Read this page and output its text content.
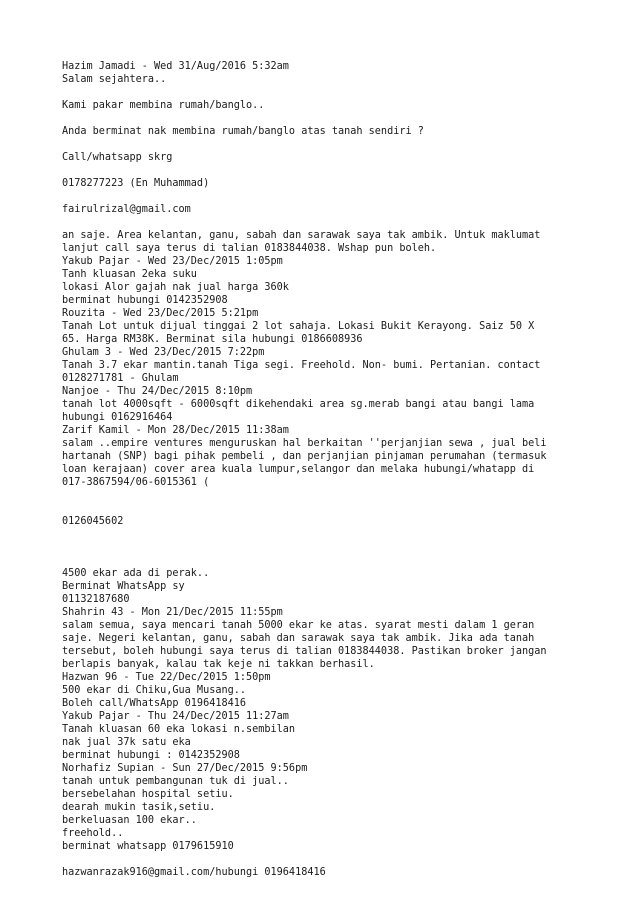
Hazim Jamadi - Wed 31/Aug/2016 5:32am
Salam sejahtera..
Kami pakar membina rumah/banglo..
Anda berminat nak membina rumah/banglo atas tanah sendiri ?
Call/whatsapp skrg
0178277223 (En Muhammad)
fairulrizal@gmail.com
an saje. Area kelantan, ganu, sabah dan sarawak saya tak ambik. Untuk maklumat
lanjut call saya terus di talian 0183844038. Wshap pun boleh.
Yakub Pajar - Wed 23/Dec/2015 1:05pm
Tanh kluasan 2eka suku
lokasi Alor gajah nak jual harga 360k
berminat hubungi 0142352908
Rouzita - Wed 23/Dec/2015 5:21pm
Tanah Lot untuk dijual tinggai 2 lot sahaja. Lokasi Bukit Kerayong. Saiz 50 X
65. Harga RM38K. Berminat sila hubungi 0186608936
Ghulam 3 - Wed 23/Dec/2015 7:22pm
Tanah 3.7 ekar mantin.tanah Tiga segi. Freehold. Non- bumi. Pertanian. contact
0128271781 - Ghulam
Nanjoe - Thu 24/Dec/2015 8:10pm
tanah lot 4000sqft - 6000sqft dikehendaki area sg.merab bangi atau bangi lama
hubungi 0162916464
Zarif Kamil - Mon 28/Dec/2015 11:38am
salam ..empire ventures menguruskan hal berkaitan ''perjanjian sewa , jual beli
hartanah (SNP) bagi pihak pembeli , dan perjanjian pinjaman perumahan (termasuk
loan kerajaan) cover area kuala lumpur,selangor dan melaka hubungi/whatapp di
017-3867594/06-6015361 (
0126045602
4500 ekar ada di perak..
Berminat WhatsApp sy
01132187680
Shahrin 43 - Mon 21/Dec/2015 11:55pm
salam semua, saya mencari tanah 5000 ekar ke atas. syarat mesti dalam 1 geran
saje. Negeri kelantan, ganu, sabah dan sarawak saya tak ambik. Jika ada tanah
tersebut, boleh hubungi saya terus di talian 0183844038. Pastikan broker jangan
berlapis banyak, kalau tak keje ni takkan berhasil.
Hazwan 96 - Tue 22/Dec/2015 1:50pm
500 ekar di Chiku,Gua Musang..
Boleh call/WhatsApp 0196418416
Yakub Pajar - Thu 24/Dec/2015 11:27am
Tanah kluasan 60 eka lokasi n.sembilan
nak jual 37k satu eka
berminat hubungi : 0142352908
Norhafiz Supian - Sun 27/Dec/2015 9:56pm
tanah untuk pembangunan tuk di jual..
bersebelahan hospital setiu.
dearah mukin tasik,setiu.
berkeluasan 100 ekar..
freehold..
berminat whatsapp 0179615910
hazwanrazak916@gmail.com/hubungi 0196418416
